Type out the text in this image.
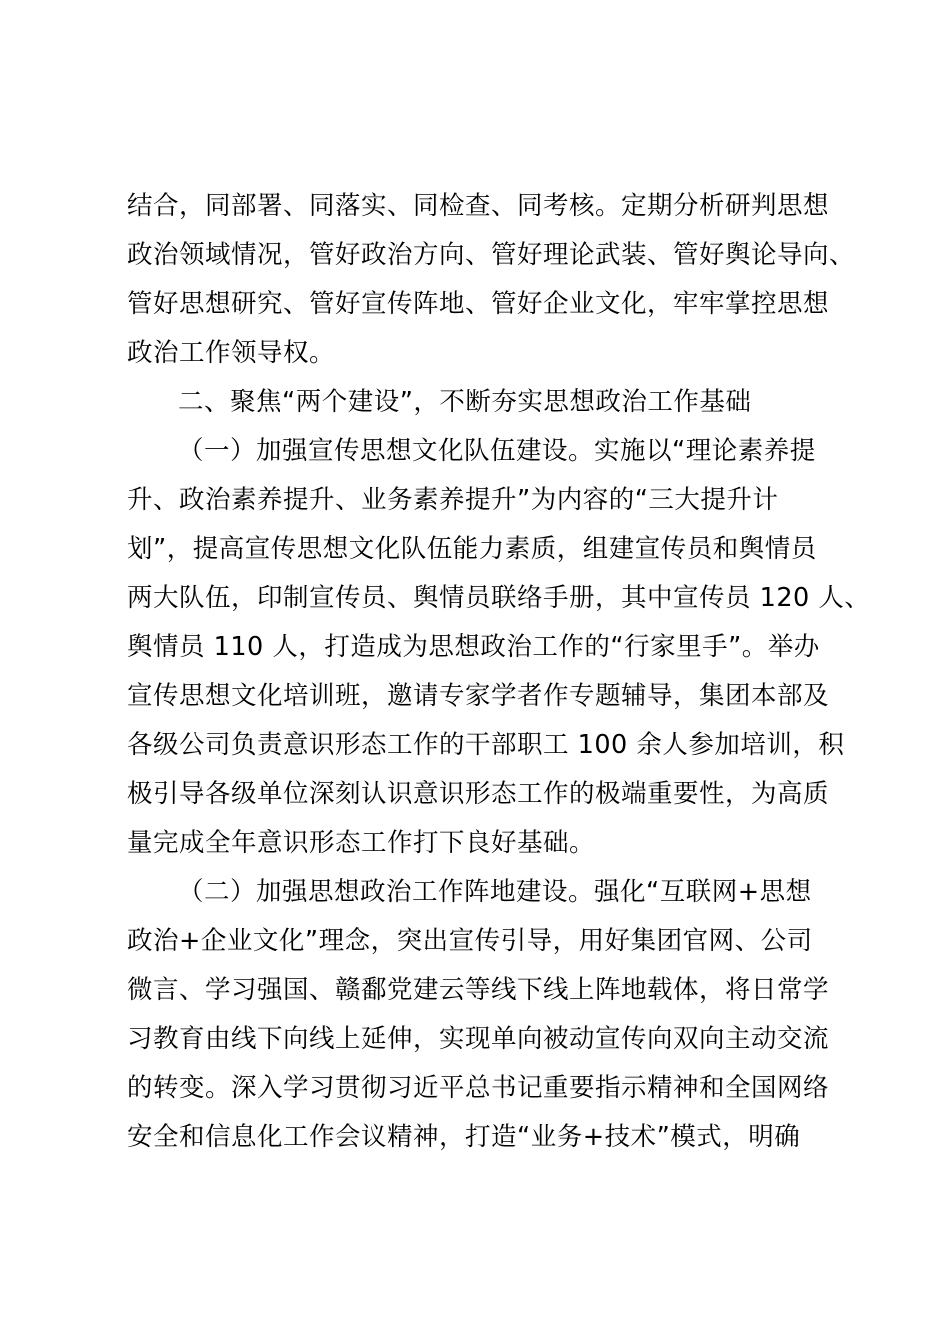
结合，同部署、同落实、同检查、同考核。定期分析研判思想
政治领域情况，管好政治方向、管好理论武装、管好舆论导向、
管好思想研究、管好宣传阵地、管好企业文化，牢牢掌控思想
政治工作领导权。
二、聚焦“两个建设”，不断夯实思想政治工作基础
（一）加强宣传思想文化队伍建设。实施以“理论素养提
升、政治素养提升、业务素养提升”为内容的“三大提升计
划”，提高宣传思想文化队伍能力素质，组建宣传员和舆情员
两大队伍，印制宣传员、舆情员联络手册，其中宣传员 120 人、
舆情员 110 人，打造成为思想政治工作的“行家里手”。举办
宣传思想文化培训班，邀请专家学者作专题辅导，集团本部及
各级公司负责意识形态工作的干部职工 100 余人参加培训，积
极引导各级单位深刻认识意识形态工作的极端重要性，为高质
量完成全年意识形态工作打下良好基础。
（二）加强思想政治工作阵地建设。强化“互联网+思想
政治+企业文化”理念，突出宣传引导，用好集团官网、公司
微言、学习强国、赣鄱党建云等线下线上阵地载体，将日常学
习教育由线下向线上延伸，实现单向被动宣传向双向主动交流
的转变。深入学习贯彻习近平总书记重要指示精神和全国网络
安全和信息化工作会议精神，打造“业务+技术”模式，明确
